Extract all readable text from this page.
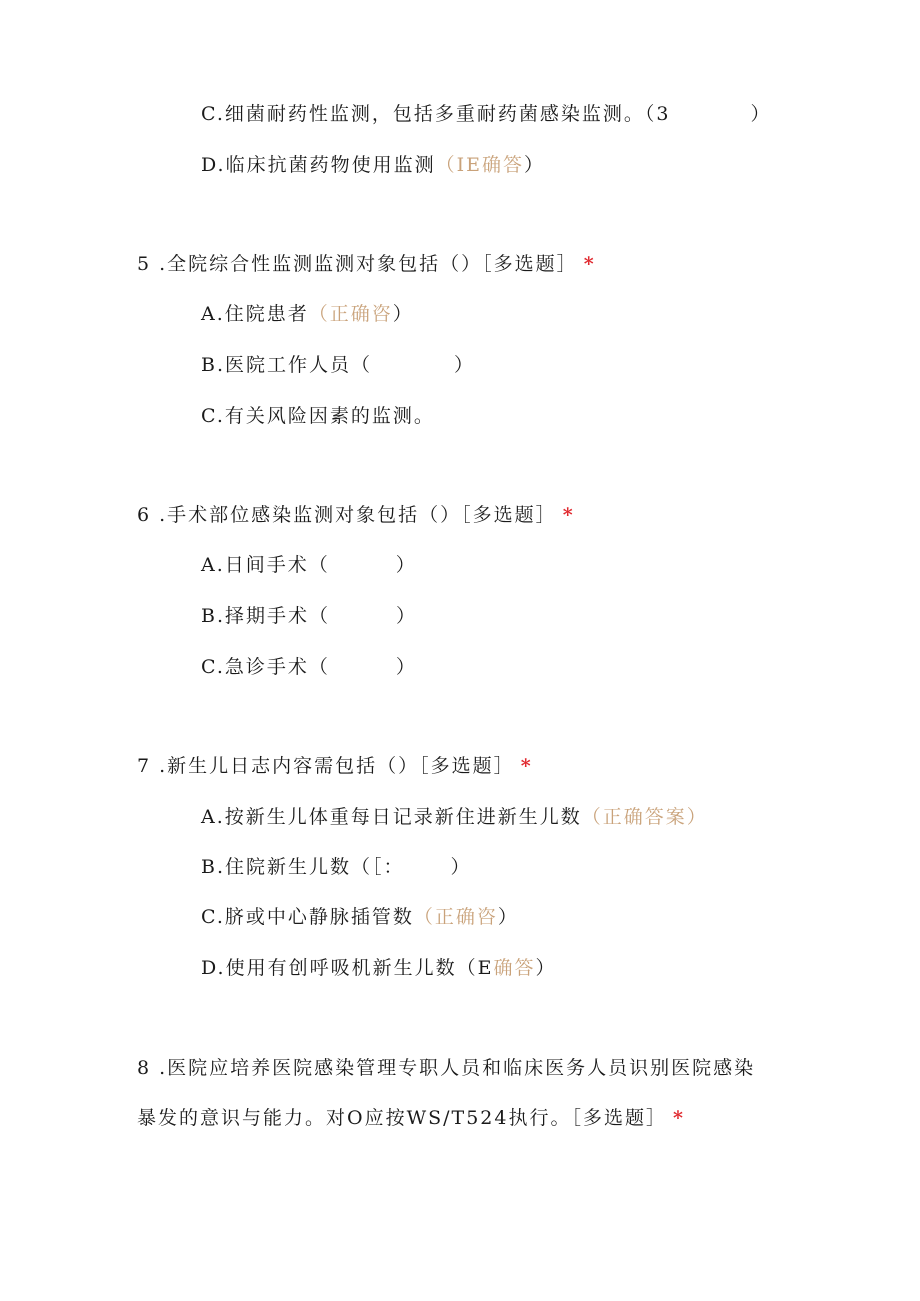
C.细菌耐药性监测，包括多重耐药菌感染监测。（3	）
D.临床抗菌药物使用监测（IE确答）
5 .全院综合性监测监测对象包括（）［多选题］ *
A.住院患者（正确咨）
B.医院工作人员（	）
C.有关风险因素的监测。
6 .手术部位感染监测对象包括（）［多选题］ *
A.日间手术（	）
B.择期手术（	）
C.急诊手术（	）
7 .新生儿日志内容需包括（）［多选题］ *
A.按新生儿体重每日记录新住进新生儿数（正确答案）
B.住院新生儿数（［： ）
C.脐或中心静脉插管数（正确咨）
D.使用有创呼吸机新生儿数（E确答）
8 .医院应培养医院感染管理专职人员和临床医务人员识别医院感染
暴发的意识与能力。对O应按WS/T524执行。［多选题］ *
